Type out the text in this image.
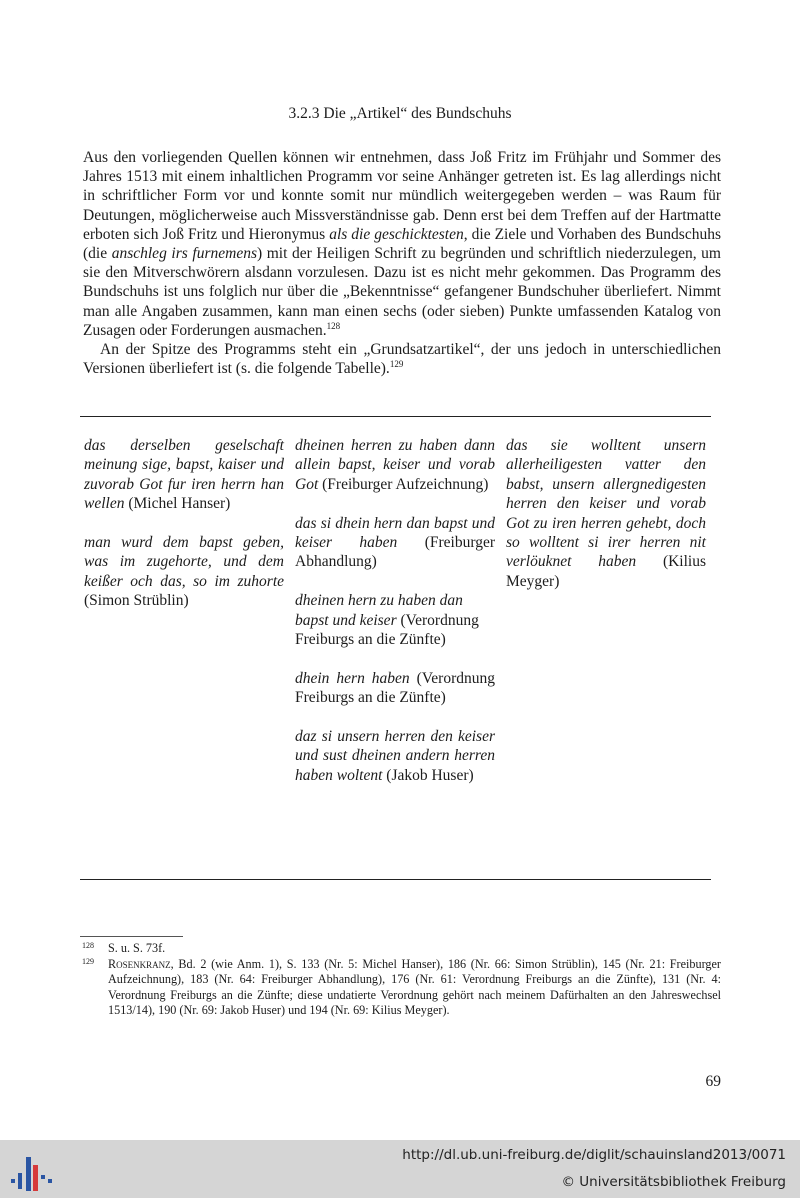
3.2.3 Die „Artikel“ des Bundschuhs

Aus den vorliegenden Quellen können wir entnehmen, dass Joß Fritz im Frühjahr und Sommer des Jahres 1513 mit einem inhaltlichen Programm vor seine Anhänger getreten ist. Es lag allerdings nicht in schriftlicher Form vor und konnte somit nur mündlich weitergegeben werden – was Raum für Deutungen, möglicherweise auch Missverständnisse gab. Denn erst bei dem Treffen auf der Hartmatte erboten sich Joß Fritz und Hieronymus als die geschicktesten, die Ziele und Vorhaben des Bundschuhs (die anschleg irs furnemens) mit der Heiligen Schrift zu begründen und schriftlich niederzulegen, um sie den Mitverschwörern alsdann vorzulesen. Dazu ist es nicht mehr gekommen. Das Programm des Bundschuhs ist uns folglich nur über die „Bekenntnisse“ gefangener Bundschuher überliefert. Nimmt man alle Angaben zusammen, kann man einen sechs (oder sieben) Punkte umfassenden Katalog von Zusagen oder Forderungen ausmachen.$^{128}$

An der Spitze des Programms steht ein „Grundsatzartikel“, der uns jedoch in unterschiedlichen Versionen überliefert ist (s. die folgende Tabelle).$^{129}$

das derselben geselschaft meinung sige, bapst, kaiser und zuvorab Got fur iren herrn han wellen (Michel Hanser)

man wurd dem bapst geben, was im zugehorte, und dem keißer och das, so im zuhorte (Simon Strüblin)

dheinen herren zu haben dann allein bapst, keiser und vorab Got (Freiburger Aufzeichnung)

das si dhein hern dan bapst und keiser haben (Freiburger Abhandlung)

dheinen hern zu haben dan bapst und keiser (Verordnung Freiburgs an die Zünfte)

dhein hern haben (Verordnung Freiburgs an die Zünfte)

daz si unsern herren den keiser und sust dheinen andern herren haben woltent (Jakob Huser)

das sie wolltent unsern allerheiligesten vatter den babst, unsern allergnedigesten herren den keiser und vorab Got zu iren herren gehebt, doch so wolltent si irer herren nit verlöuknet haben (Kilius Meyger)

128 S. u. S. 73f.
129 Rosenkranz, Bd. 2 (wie Anm. 1), S. 133 (Nr. 5: Michel Hanser), 186 (Nr. 66: Simon Strüblin), 145 (Nr. 21: Freiburger Aufzeichnung), 183 (Nr. 64: Freiburger Abhandlung), 176 (Nr. 61: Verordnung Freiburgs an die Zünfte), 131 (Nr. 4: Verordnung Freiburgs an die Zünfte; diese undatierte Verordnung gehört nach meinem Dafürhalten an den Jahreswechsel 1513/14), 190 (Nr. 69: Jakob Huser) und 194 (Nr. 69: Kilius Meyger).
69
http://dl.ub.uni-freiburg.de/diglit/schauinsland2013/0071
© Universitätsbibliothek Freiburg
